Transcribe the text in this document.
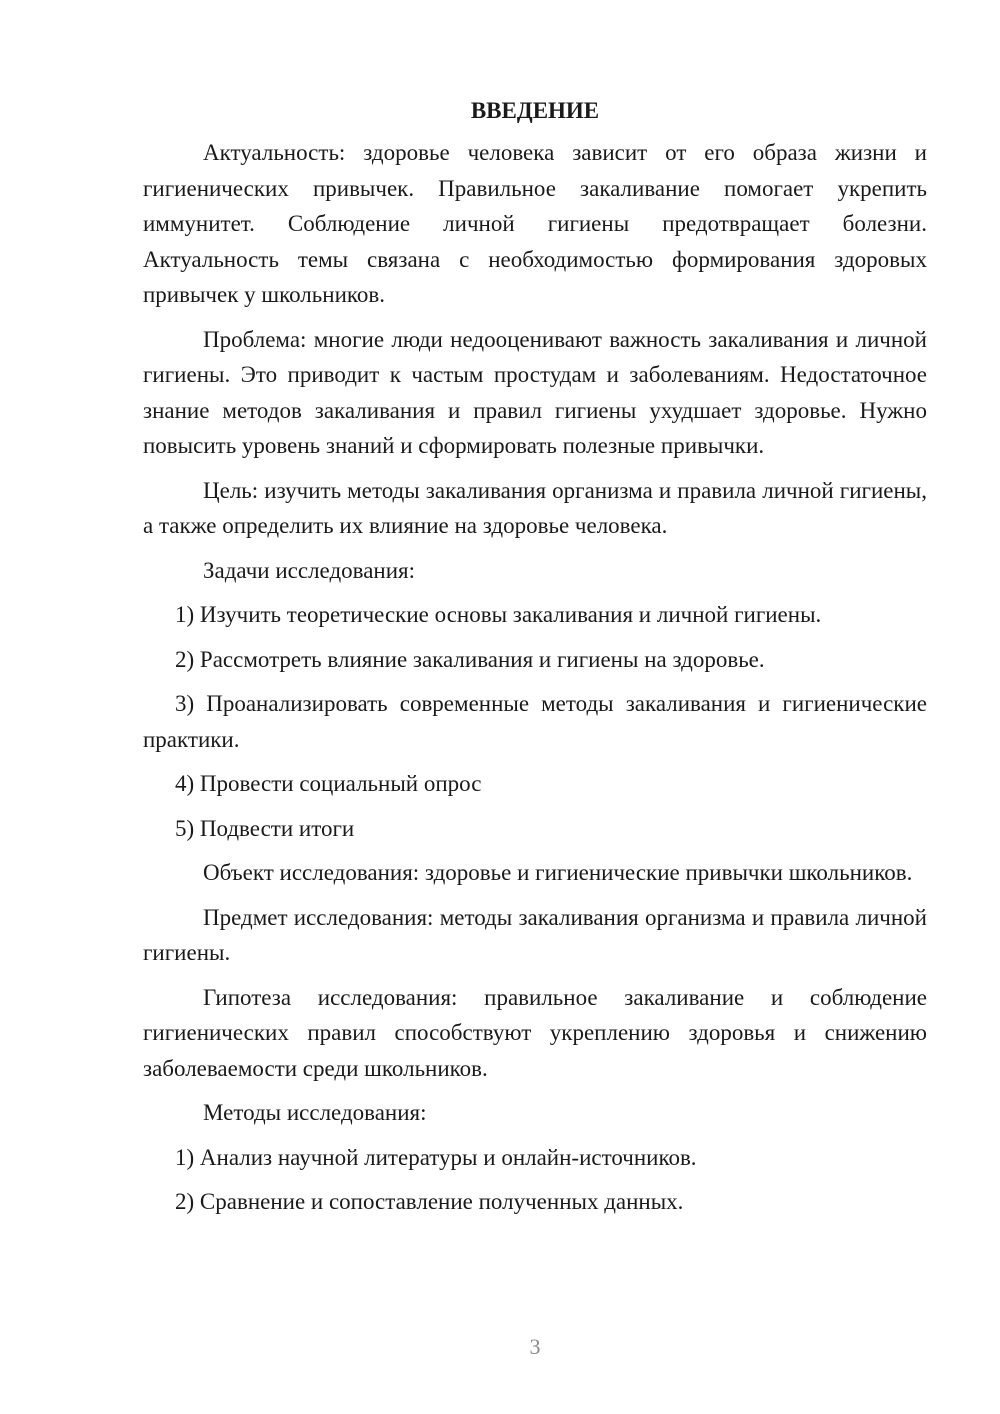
ВВЕДЕНИЕ

Актуальность: здоровье человека зависит от его образа жизни и гигиенических привычек. Правильное закаливание помогает укрепить иммунитет. Соблюдение личной гигиены предотвращает болезни. Актуальность темы связана с необходимостью формирования здоровых привычек у школьников.

Проблема: многие люди недооценивают важность закаливания и личной гигиены. Это приводит к частым простудам и заболеваниям. Недостаточное знание методов закаливания и правил гигиены ухудшает здоровье. Нужно повысить уровень знаний и сформировать полезные привычки.

Цель: изучить методы закаливания организма и правила личной гигиены, а также определить их влияние на здоровье человека.

Задачи исследования:

1) Изучить теоретические основы закаливания и личной гигиены.

2) Рассмотреть влияние закаливания и гигиены на здоровье.

3) Проанализировать современные методы закаливания и гигиенические практики.

4) Провести социальный опрос

5) Подвести итоги

Объект исследования: здоровье и гигиенические привычки школьников.

Предмет исследования: методы закаливания организма и правила личной гигиены.

Гипотеза исследования: правильное закаливание и соблюдение гигиенических правил способствуют укреплению здоровья и снижению заболеваемости среди школьников.

Методы исследования:

1) Анализ научной литературы и онлайн-источников.

2) Сравнение и сопоставление полученных данных.

3
